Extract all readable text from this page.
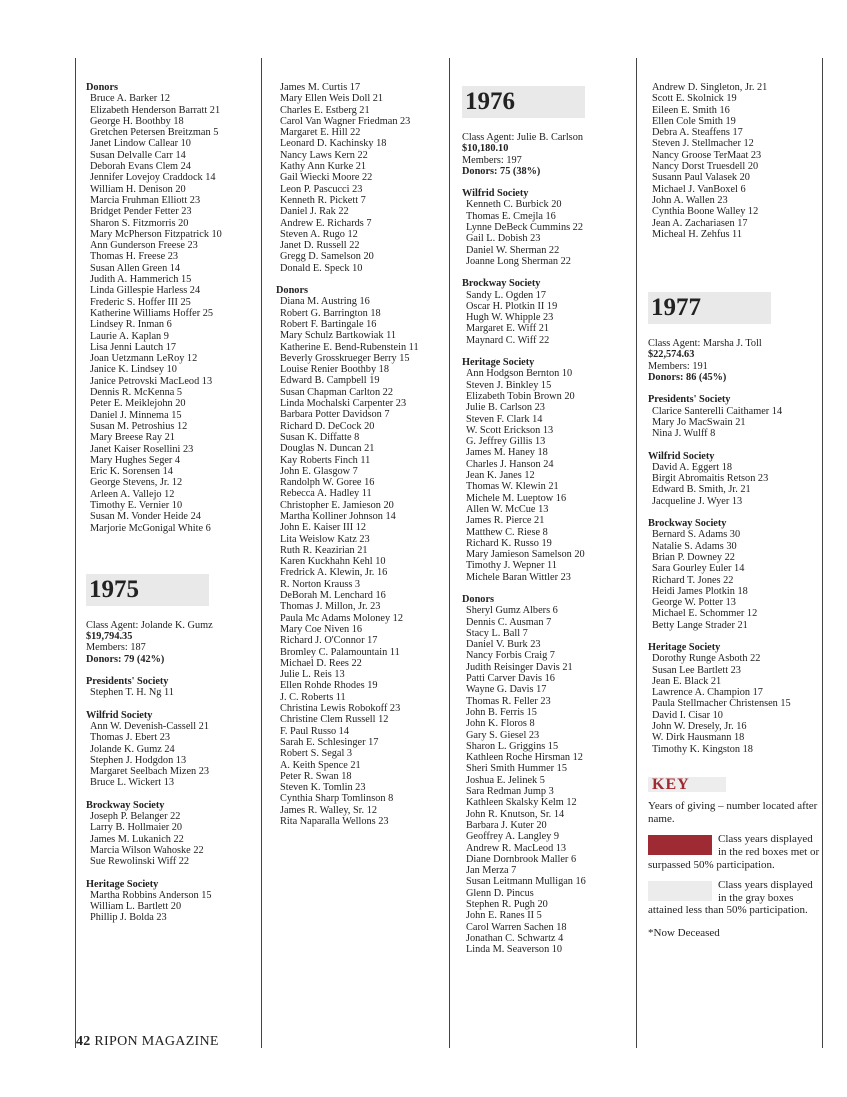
Donors
Bruce A. Barker 12
Elizabeth Henderson Barratt 21
George H. Boothby 18
Gretchen Petersen Breitzman 5
Janet Lindow Callear 10
Susan Delvalle Carr 14
Deborah Evans Clem 24
Jennifer Lovejoy Craddock 14
William H. Denison 20
Marcia Fruhman Elliott 23
Bridget Pender Fetter 23
Sharon S. Fitzmorris 20
Mary McPherson Fitzpatrick 10
Ann Gunderson Freese 23
Thomas H. Freese 23
Susan Allen Green 14
Judith A. Hammerich 15
Linda Gillespie Harless 24
Frederic S. Hoffer III 25
Katherine Williams Hoffer 25
Lindsey R. Inman 6
Laurie A. Kaplan 9
Lisa Jenni Lautch 17
Joan Uetzmann LeRoy 12
Janice K. Lindsey 10
Janice Petrovski MacLeod 13
Dennis R. McKenna 5
Peter E. Meiklejohn 20
Daniel J. Minnema 15
Susan M. Petroshius 12
Mary Breese Ray 21
Janet Kaiser Rosellini 23
Mary Hughes Seger 4
Eric K. Sorensen 14
George Stevens, Jr. 12
Arleen A. Vallejo 12
Timothy E. Vernier 10
Susan M. Vonder Heide 24
Marjorie McGonigal White 6
1975
Class Agent: Jolande K. Gumz
$19,794.35
Members: 187
Donors: 79 (42%)
Presidents' Society
Stephen T. H. Ng 11
Wilfrid Society
Ann W. Devenish-Cassell 21
Thomas J. Ebert 23
Jolande K. Gumz 24
Stephen J. Hodgdon 13
Margaret Seelbach Mizen 23
Bruce L. Wickert 13
Brockway Society
Joseph P. Belanger 22
Larry B. Hollmaier 20
James M. Lukanich 22
Marcia Wilson Wahoske 22
Sue Rewolinski Wiff 22
Heritage Society
Martha Robbins Anderson 15
William L. Bartlett 20
Phillip J. Bolda 23
James M. Curtis 17
Mary Ellen Weis Doll 21
Charles E. Estberg 21
Carol Van Wagner Friedman 23
Margaret E. Hill 22
Leonard D. Kachinsky 18
Nancy Laws Kern 22
Kathy Ann Kurke 21
Gail Wiecki Moore 22
Leon P. Pascucci 23
Kenneth R. Pickett 7
Daniel J. Rak 22
Andrew E. Richards 7
Steven A. Rugo 12
Janet D. Russell 22
Gregg D. Samelson 20
Donald E. Speck 10
Donors
Diana M. Austring 16
Robert G. Barrington 18
Robert F. Bartingale 16
Mary Schulz Bartkowiak 11
Katherine E. Bend-Rubenstein 11
Beverly Grosskrueger Berry 15
Louise Renier Boothby 18
Edward B. Campbell 19
Susan Chapman Carlton 22
Linda Mochalski Carpenter 23
Barbara Potter Davidson 7
Richard D. DeCock 20
Susan K. Diffatte 8
Douglas N. Duncan 21
Kay Roberts Finch 11
John E. Glasgow 7
Randolph W. Goree 16
Rebecca A. Hadley 11
Christopher E. Jamieson 20
Martha Kolliner Johnson 14
John E. Kaiser III 12
Lita Weislow Katz 23
Ruth R. Keazirian 21
Karen Kuckhahn Kehl 10
Fredrick A. Klewin, Jr. 16
R. Norton Krauss 3
DeBorah M. Lenchard 16
Thomas J. Millon, Jr. 23
Paula Mc Adams Moloney 12
Mary Coe Niven 16
Richard J. O'Connor 17
Bromley C. Palamountain 11
Michael D. Rees 22
Julie L. Reis 13
Ellen Rohde Rhodes 19
J. C. Roberts 11
Christina Lewis Robokoff 23
Christine Clem Russell 12
F. Paul Russo 14
Sarah E. Schlesinger 17
Robert S. Segal 3
A. Keith Spence 21
Peter R. Swan 18
Steven K. Tomlin 23
Cynthia Sharp Tomlinson 8
James R. Walley, Sr. 12
Rita Naparalla Wellons 23
1976
Class Agent: Julie B. Carlson
$10,180.10
Members: 197
Donors: 75 (38%)
Wilfrid Society
Kenneth C. Burbick 20
Thomas E. Cmejla 16
Lynne DeBeck Cummins 22
Gail L. Dobish 23
Daniel W. Sherman 22
Joanne Long Sherman 22
Brockway Society
Sandy L. Ogden 17
Oscar H. Plotkin II 19
Hugh W. Whipple 23
Margaret E. Wiff 21
Maynard C. Wiff 22
Heritage Society
Ann Hodgson Bernton 10
Steven J. Binkley 15
Elizabeth Tobin Brown 20
Julie B. Carlson 23
Steven F. Clark 14
W. Scott Erickson 13
G. Jeffrey Gillis 13
James M. Haney 18
Charles J. Hanson 24
Jean K. Janes 12
Thomas W. Klewin 21
Michele M. Lueptow 16
Allen W. McCue 13
James R. Pierce 21
Matthew C. Riese 8
Richard K. Russo 19
Mary Jamieson Samelson 20
Timothy J. Wepner 11
Michele Baran Wittler 23
Donors
Sheryl Gumz Albers 6
Dennis C. Ausman 7
Stacy L. Ball 7
Daniel V. Burk 23
Nancy Forbis Craig 7
Judith Reisinger Davis 21
Patti Carver Davis 16
Wayne G. Davis 17
Thomas R. Feller 23
John B. Ferris 15
John K. Floros 8
Gary S. Giesel 23
Sharon L. Griggins 15
Kathleen Roche Hirsman 12
Sheri Smith Hummer 15
Joshua E. Jelinek 5
Sara Redman Jump 3
Kathleen Skalsky Kelm 12
John R. Knutson, Sr. 14
Barbara J. Kuter 20
Geoffrey A. Langley 9
Andrew R. MacLeod 13
Diane Dornbrook Maller 6
Jan Merza 7
Susan Leitmann Mulligan 16
Glenn D. Pincus
Stephen R. Pugh 20
John E. Ranes II 5
Carol Warren Sachen 18
Jonathan C. Schwartz 4
Linda M. Seaverson 10
Andrew D. Singleton, Jr. 21
Scott E. Skolnick 19
Eileen E. Smith 16
Ellen Cole Smith 19
Debra A. Steaffens 17
Steven J. Stellmacher 12
Nancy Groose TerMaat 23
Nancy Dorst Truesdell 20
Susann Paul Valasek 20
Michael J. VanBoxel 6
John A. Wallen 23
Cynthia Boone Walley 12
Jean A. Zachariasen 17
Micheal H. Zehfus 11
1977
Class Agent: Marsha J. Toll
$22,574.63
Members: 191
Donors: 86 (45%)
Presidents' Society
Clarice Santerelli Caithamer 14
Mary Jo MacSwain 21
Nina J. Wulff 8
Wilfrid Society
David A. Eggert 18
Birgit Abromaitis Retson 23
Edward B. Smith, Jr. 21
Jacqueline J. Wyer 13
Brockway Society
Bernard S. Adams 30
Natalie S. Adams 30
Brian P. Downey 22
Sara Gourley Euler 14
Richard T. Jones 22
Heidi James Plotkin 18
George W. Potter 13
Michael E. Schommer 12
Betty Lange Strader 21
Heritage Society
Dorothy Runge Asboth 22
Susan Lee Bartlett 23
Jean E. Black 21
Lawrence A. Champion 17
Paula Stellmacher Christensen 15
David I. Cisar 10
John W. Dresely, Jr. 16
W. Dirk Hausmann 18
Timothy K. Kingston 18
KEY
Years of giving – number located after name.
Class years displayed in the red boxes met or surpassed 50% participation.
Class years displayed in the gray boxes attained less than 50% participation.
*Now Deceased
42 RIPON MAGAZINE
